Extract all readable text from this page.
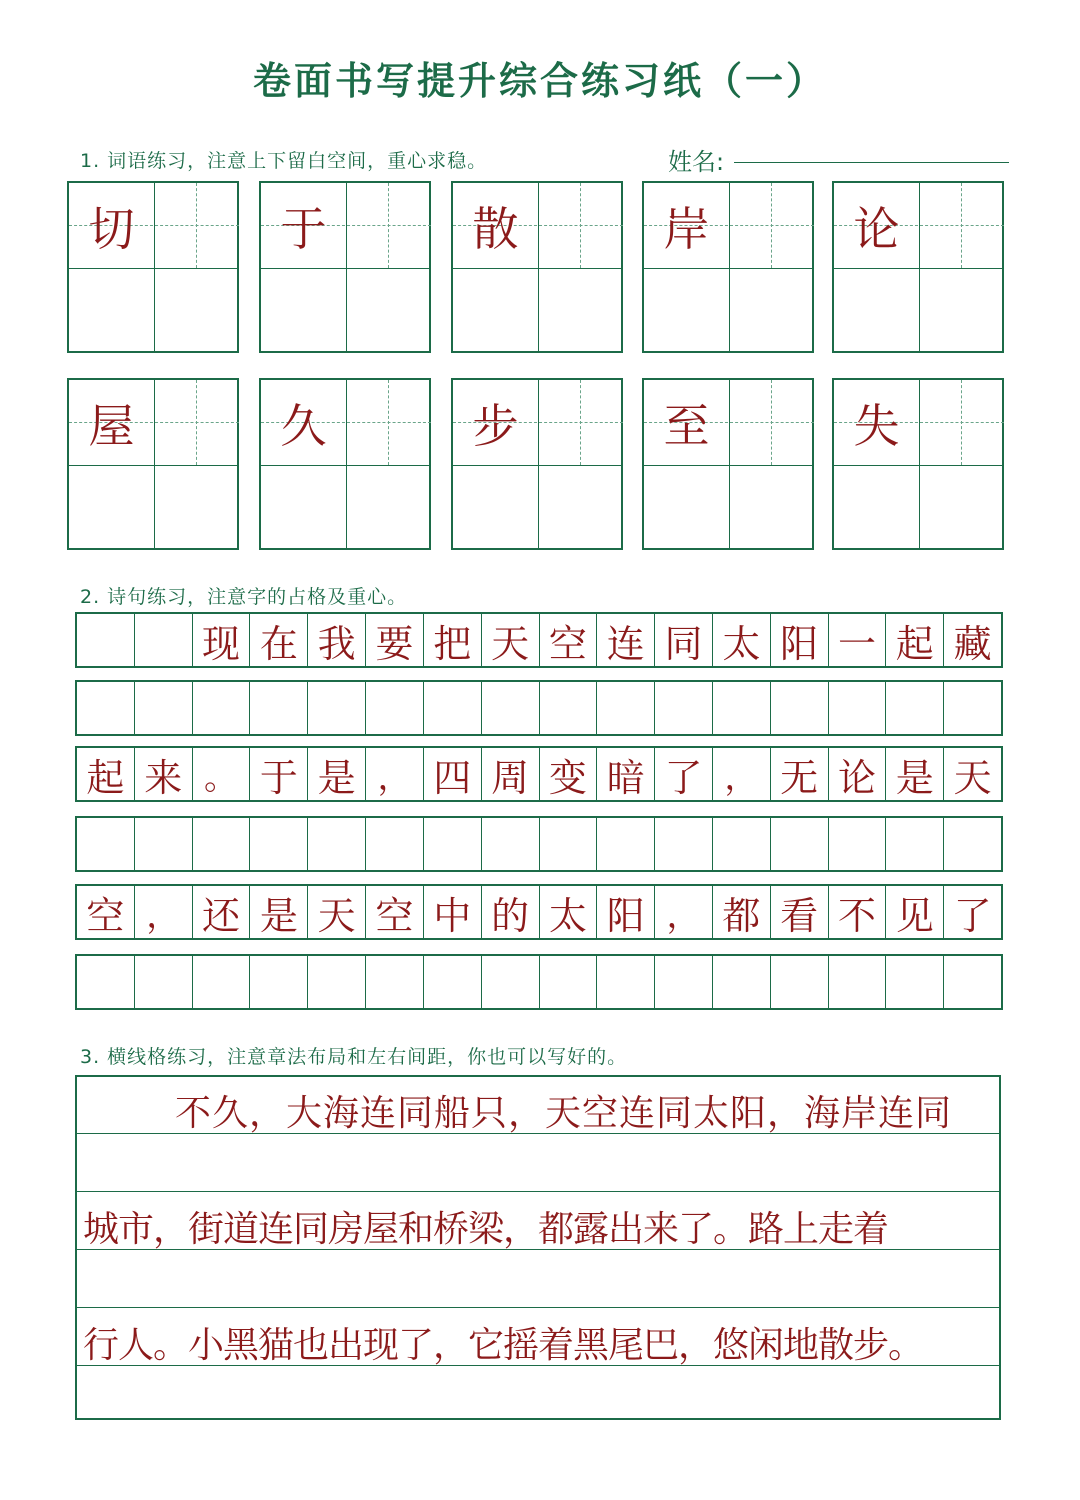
卷面书写提升综合练习纸（一）
1. 词语练习，注意上下留白空间，重心求稳。	姓名:
切	于	散	岸	论
屋	久	步	至	失
2. 诗句练习，注意字的占格及重心。
现 在 我 要 把 天 空 连 同 太 阳 一 起 藏
起 来 。 于 是 ， 四 周 变 暗 了 ， 无 论 是 天
空 ， 还 是 天 空 中 的 太 阳 ， 都 看 不 见 了
3. 横线格练习，注意章法布局和左右间距，你也可以写好的。
不久，大海连同船只，天空连同太阳，海岸连同
城市，街道连同房屋和桥梁，都露出来了。路上走着
行人。小黑猫也出现了，它摇着黑尾巴，悠闲地散步。
